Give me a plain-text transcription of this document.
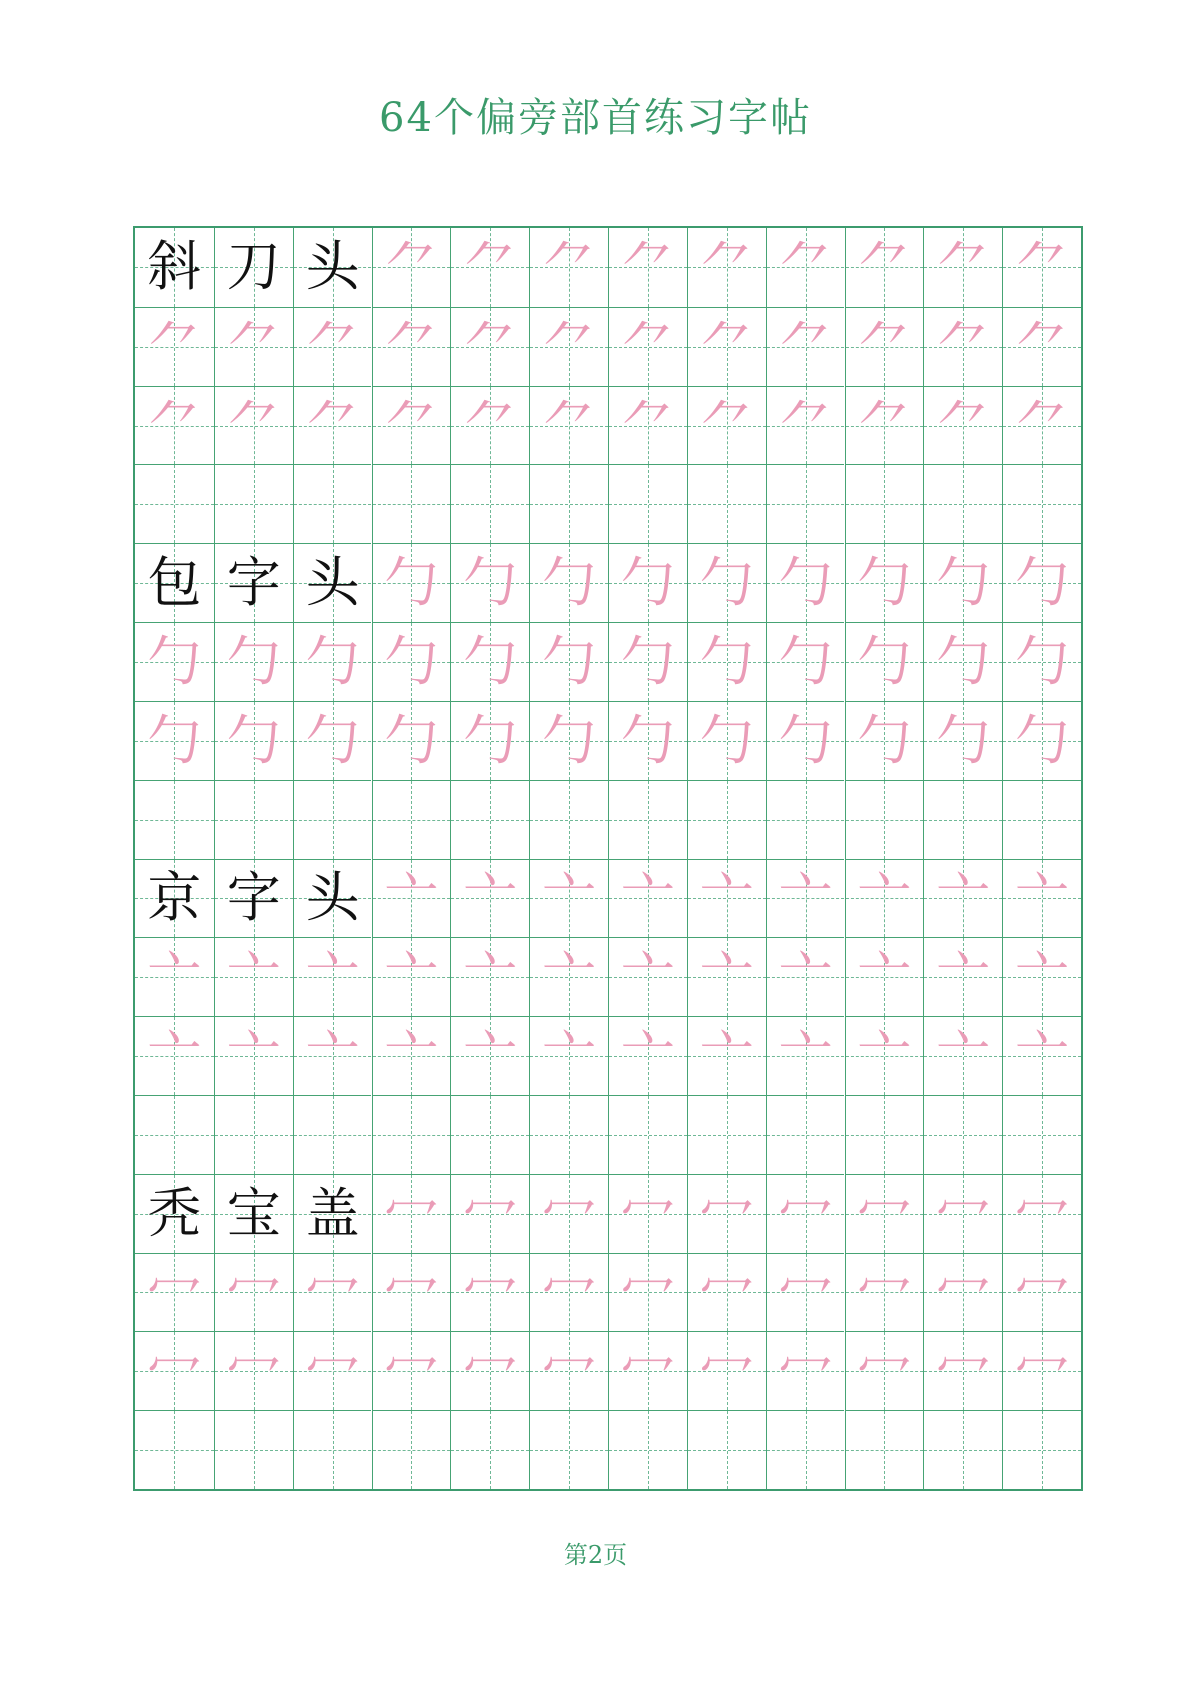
64个偏旁部首练习字帖
斜 刀 头 ⺈ ⺈ ⺈ ⺈ ⺈ ⺈ ⺈ ⺈ ⺈
⺈ ⺈ ⺈ ⺈ ⺈ ⺈ ⺈ ⺈ ⺈ ⺈ ⺈ ⺈
⺈ ⺈ ⺈ ⺈ ⺈ ⺈ ⺈ ⺈ ⺈ ⺈ ⺈ ⺈
包 字 头 勹 勹 勹 勹 勹 勹 勹 勹 勹
勹 勹 勹 勹 勹 勹 勹 勹 勹 勹 勹 勹
勹 勹 勹 勹 勹 勹 勹 勹 勹 勹 勹 勹
京 字 头 亠 亠 亠 亠 亠 亠 亠 亠 亠
亠 亠 亠 亠 亠 亠 亠 亠 亠 亠 亠 亠
亠 亠 亠 亠 亠 亠 亠 亠 亠 亠 亠 亠
秃 宝 盖 冖 冖 冖 冖 冖 冖 冖 冖 冖
冖 冖 冖 冖 冖 冖 冖 冖 冖 冖 冖 冖
冖 冖 冖 冖 冖 冖 冖 冖 冖 冖 冖 冖
第2页
